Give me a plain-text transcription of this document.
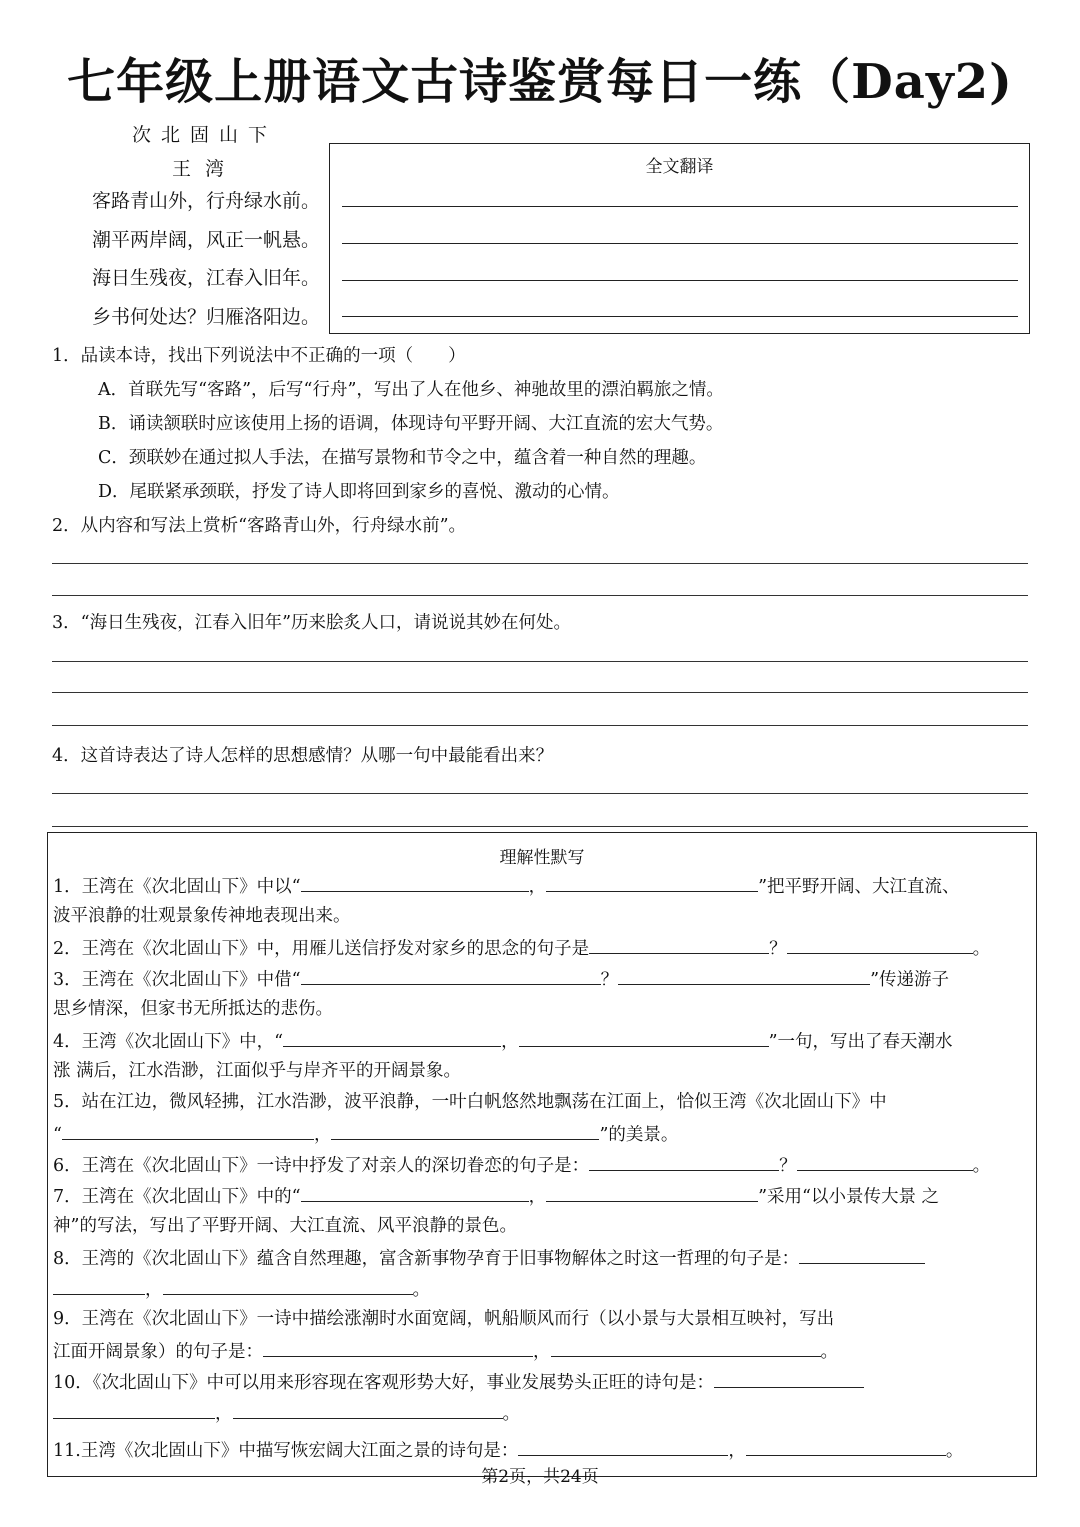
七年级上册语文古诗鉴赏每日一练（Day2)
次北固山下
王湾
客路青山外，行舟绿水前。
潮平两岸阔，风正一帆悬。
海日生残夜，江春入旧年。
乡书何处达？归雁洛阳边。
全文翻译
1．品读本诗，找出下列说法中不正确的一项（　　）
A．首联先写“客路”，后写“行舟”，写出了人在他乡、神驰故里的漂泊羁旅之情。
B．诵读颔联时应该使用上扬的语调，体现诗句平野开阔、大江直流的宏大气势。
C．颈联妙在通过拟人手法，在描写景物和节令之中，蕴含着一种自然的理趣。
D．尾联紧承颈联，抒发了诗人即将回到家乡的喜悦、激动的心情。
2．从内容和写法上赏析“客路青山外，行舟绿水前”。
3．“海日生残夜，江春入旧年”历来脍炙人口，请说说其妙在何处。
4．这首诗表达了诗人怎样的思想感情？从哪一句中最能看出来？
理解性默写
1．王湾在《次北固山下》中以“	，	”把平野开阔、大江直流、
波平浪静的壮观景象传神地表现出来。
2．王湾在《次北固山下》中，用雁儿送信抒发对家乡的思念的句子是	？	。
3．王湾在《次北固山下》中借“	？	”传递游子
思乡情深，但家书无所抵达的悲伤。
4．王湾《次北固山下》中，“	，	”一句，写出了春天潮水
涨 满后，江水浩渺，江面似乎与岸齐平的开阔景象。
5．站在江边，微风轻拂，江水浩渺，波平浪静，一叶白帆悠然地飘荡在江面上，恰似王湾《次北固山下》中
“	，	”的美景。
6．王湾在《次北固山下》一诗中抒发了对亲人的深切眷恋的句子是：	？	。
7．王湾在《次北固山下》中的“	，	”采用“以小景传大景 之
神”的写法，写出了平野开阔、大江直流、风平浪静的景色。
8．王湾的《次北固山下》蕴含自然理趣，富含新事物孕育于旧事物解体之时这一哲理的句子是：
，	。
9．王湾在《次北固山下》一诗中描绘涨潮时水面宽阔，帆船顺风而行（以小景与大景相互映衬，写出
江面开阔景象）的句子是：	，	。
10．《次北固山下》中可以用来形容现在客观形势大好，事业发展势头正旺的诗句是：
，	。
11.王湾《次北固山下》中描写恢宏阔大江面之景的诗句是：	，	。
第2页，共24页
